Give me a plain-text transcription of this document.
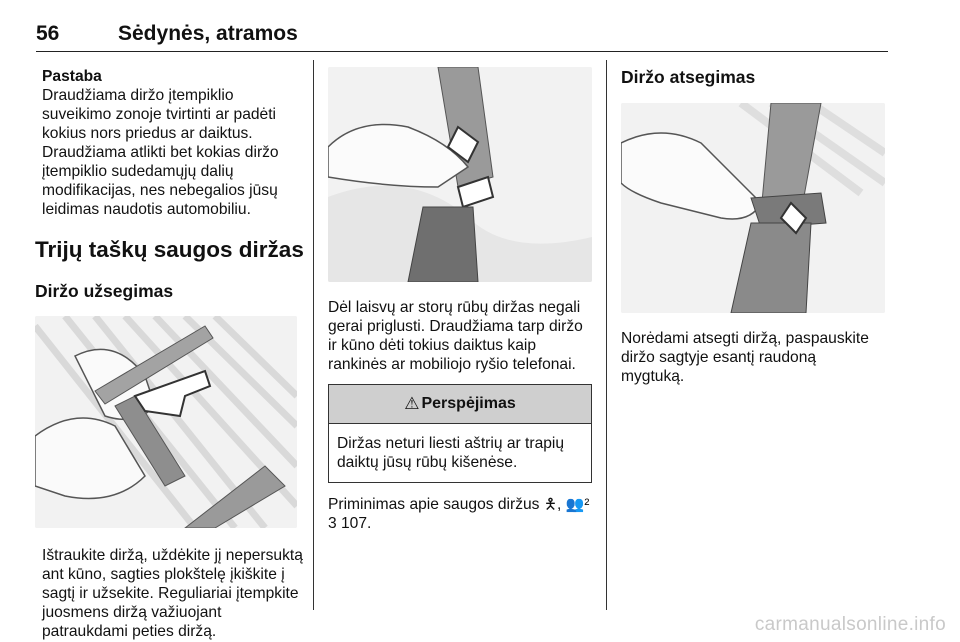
56	Sėdynės, atramos

Pastaba

Draudžiama diržo įtempiklio
suveikimo zonoje tvirtinti ar padėti
kokius nors priedus ar daiktus.
Draudžiama atlikti bet kokias diržo
įtempiklio sudedamųjų dalių
modifikacijas, nes nebegalios jūsų
leidimas naudotis automobiliu.

Trijų taškų saugos diržas
Diržo užsegimas

Ištraukite diržą, uždėkite jį nepersuktą
ant kūno, sagties plokštelę įkiškite į
sagtį ir užsekite. Reguliariai įtempkite
juosmens diržą važiuojant
patraukdami peties diržą.

Dėl laisvų ar storų rūbų diržas negali
gerai priglusti. Draudžiama tarp diržo
ir kūno dėti tokius daiktus kaip
rankinės ar mobiliojo ryšio telefonai.

⚠ Perspėjimas
Diržas neturi liesti aštrių ar trapių
daiktų jūsų rūbų kišenėse.

Priminimas apie saugos diržus 🯅, 👥²
3 107.

Diržo atsegimas

Norėdami atsegti diržą, paspauskite
diržo sagtyje esantį raudoną
mygtuką.

carmanualsonline.info
